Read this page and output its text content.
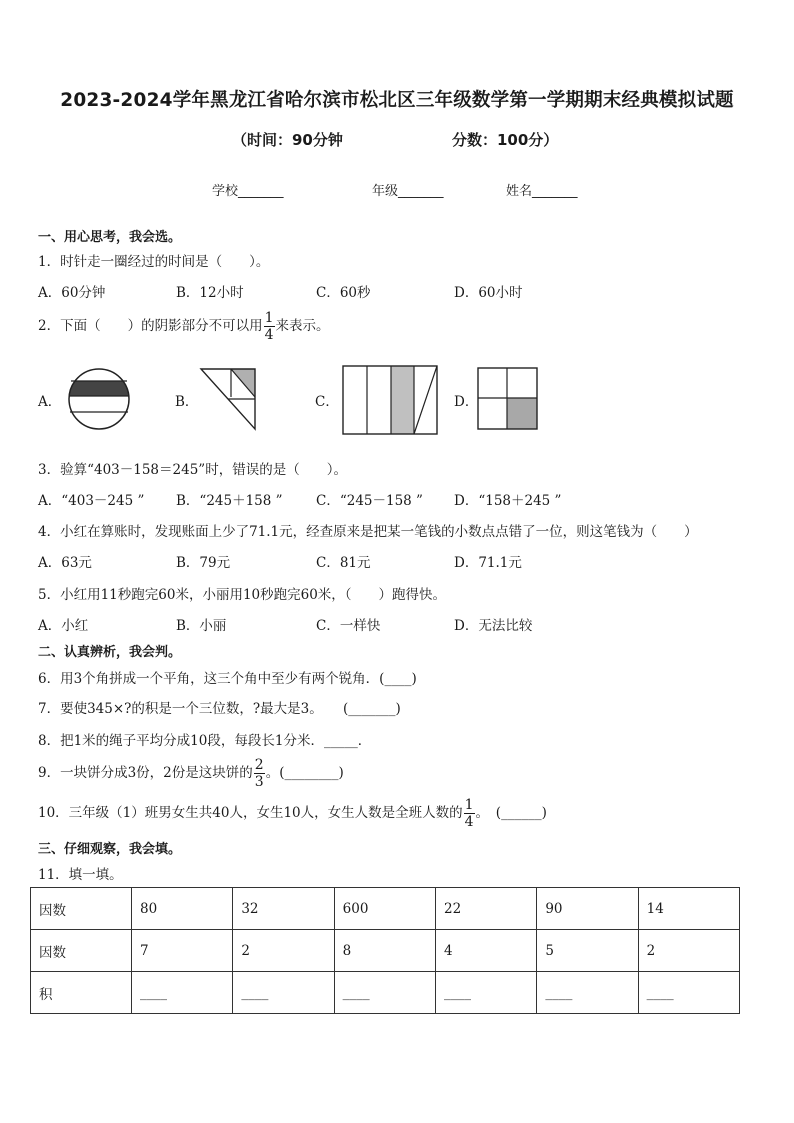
2023-2024学年黑龙江省哈尔滨市松北区三年级数学第一学期期末经典模拟试题
（时间：90分钟	分数：100分）
学校_______	年级_______	姓名_______
一、用心思考，我会选。
1．时针走一圈经过的时间是（　　）。
A．60分钟	B．12小时	C．60秒	D．60小时
2．下面（　　）的阴影部分不可以用 $\frac{1}{4}$ 来表示。
A．	B．	C．	D．
3．验算“403－158＝245”时，错误的是（　　）。
A．“403－245 ” B．“245＋158 ” C．“245－158 ” D．“158＋245 ”
4．小红在算账时，发现账面上少了71.1元，经查原来是把某一笔钱的小数点点错了一位，则这笔钱为（　　）
A．63元	B．79元	C．81元	D．71.1元
5．小红用11秒跑完60米，小丽用10秒跑完60米，（　　）跑得快。
A．小红	B．小丽	C．一样快	D．无法比较
二、认真辨析，我会判。
6．用3个角拼成一个平角，这三个角中至少有两个锐角．(____)
7．要使345×?的积是一个三位数，?最大是3。　　(_______)
8．把1米的绳子平均分成10段，每段长1分米．_____．
9．一块饼分成3份，2份是这块饼的 $\frac{2}{3}$ 。(________)
10．三年级（1）班男女生共40人，女生10人，女生人数是全班人数的 $\frac{1}{4}$ 。　(______)
三、仔细观察，我会填。
11．填一填。
因数	80	32	600	22	90	14
因数	7	2	8	4	5	2
积	____	____	____	____	____	____
